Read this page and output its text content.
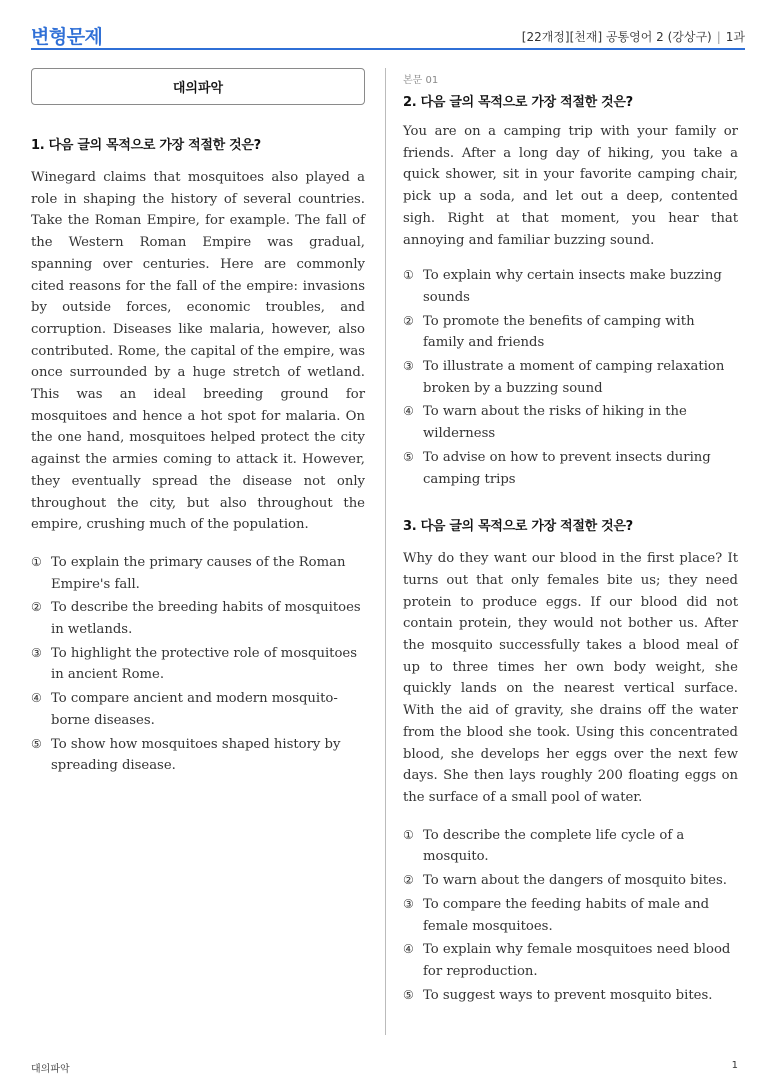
변형문제	[22개정][천재] 공통영어 2 (강상구) | 1과
대의파악
1. 다음 글의 목적으로 가장 적절한 것은?

Winegard claims that mosquitoes also played a role in shaping the history of several countries. Take the Roman Empire, for example. The fall of the Western Roman Empire was gradual, spanning over centuries. Here are commonly cited reasons for the fall of the empire: invasions by outside forces, economic troubles, and corruption. Diseases like malaria, however, also contributed. Rome, the capital of the empire, was once surrounded by a huge stretch of wetland. This was an ideal breeding ground for mosquitoes and hence a hot spot for malaria. On the one hand, mosquitoes helped protect the city against the armies coming to attack it. However, they eventually spread the disease not only throughout the city, but also throughout the empire, crushing much of the population.

① To explain the primary causes of the Roman Empire's fall.
② To describe the breeding habits of mosquitoes in wetlands.
③ To highlight the protective role of mosquitoes in ancient Rome.
④ To compare ancient and modern mosquito-borne diseases.
⑤ To show how mosquitoes shaped history by spreading disease.
본문 01
2. 다음 글의 목적으로 가장 적절한 것은?

You are on a camping trip with your family or friends. After a long day of hiking, you take a quick shower, sit in your favorite camping chair, pick up a soda, and let out a deep, contented sigh. Right at that moment, you hear that annoying and familiar buzzing sound.

① To explain why certain insects make buzzing sounds
② To promote the benefits of camping with family and friends
③ To illustrate a moment of camping relaxation broken by a buzzing sound
④ To warn about the risks of hiking in the wilderness
⑤ To advise on how to prevent insects during camping trips
3. 다음 글의 목적으로 가장 적절한 것은?

Why do they want our blood in the first place? It turns out that only females bite us; they need protein to produce eggs. If our blood did not contain protein, they would not bother us. After the mosquito successfully takes a blood meal of up to three times her own body weight, she quickly lands on the nearest vertical surface. With the aid of gravity, she drains off the water from the blood she took. Using this concentrated blood, she develops her eggs over the next few days. She then lays roughly 200 floating eggs on the surface of a small pool of water.

① To describe the complete life cycle of a mosquito.
② To warn about the dangers of mosquito bites.
③ To compare the feeding habits of male and female mosquitoes.
④ To explain why female mosquitoes need blood for reproduction.
⑤ To suggest ways to prevent mosquito bites.
대의파악	1
